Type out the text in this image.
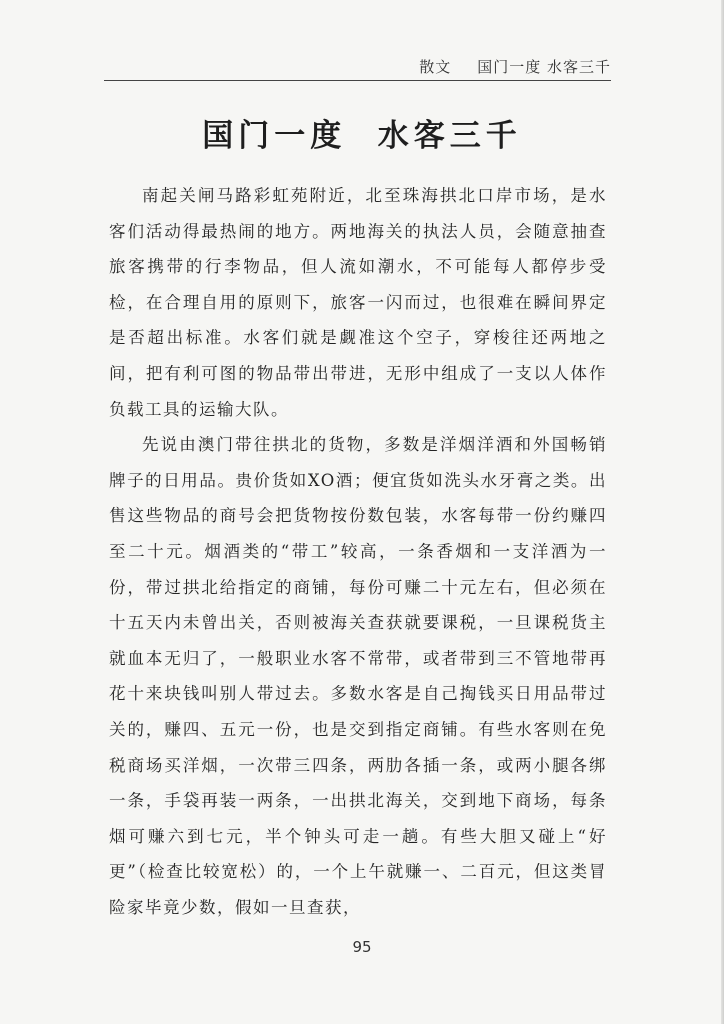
散文 国门一度 水客三千
国门一度  水客三千

南起关闸马路彩虹苑附近，北至珠海拱北口岸市场，是水客们活动得最热闹的地方。两地海关的执法人员，会随意抽查旅客携带的行李物品，但人流如潮水，不可能每人都停步受检，在合理自用的原则下，旅客一闪而过，也很难在瞬间界定是否超出标准。水客们就是觑准这个空子，穿梭往还两地之间，把有利可图的物品带出带进，无形中组成了一支以人体作负载工具的运输大队。

先说由澳门带往拱北的货物，多数是洋烟洋酒和外国畅销牌子的日用品。贵价货如XO酒；便宜货如洗头水牙膏之类。出售这些物品的商号会把货物按份数包装，水客每带一份约赚四至二十元。烟酒类的“带工”较高，一条香烟和一支洋酒为一份，带过拱北给指定的商铺，每份可赚二十元左右，但必须在十五天内未曾出关，否则被海关查获就要课税，一旦课税货主就血本无归了，一般职业水客不常带，或者带到三不管地带再花十来块钱叫别人带过去。多数水客是自己掏钱买日用品带过关的，赚四、五元一份，也是交到指定商铺。有些水客则在免税商场买洋烟，一次带三四条，两肋各插一条，或两小腿各绑一条，手袋再装一两条，一出拱北海关，交到地下商场，每条烟可赚六到七元，半个钟头可走一趟。有些大胆又碰上“好更”（检查比较宽松）的，一个上午就赚一、二百元，但这类冒险家毕竟少数，假如一旦查获，

95
